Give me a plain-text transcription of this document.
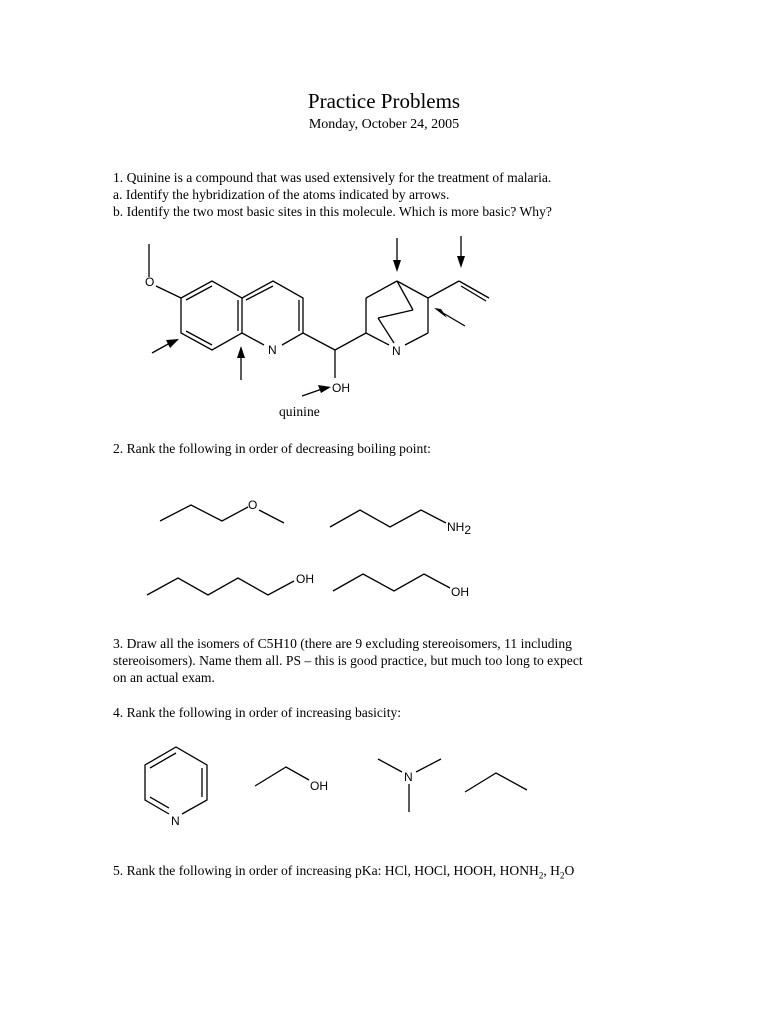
Practice Problems
Monday, October 24, 2005
1. Quinine is a compound that was used extensively for the treatment of malaria.
a. Identify the hybridization of the atoms indicated by arrows.
b. Identify the two most basic sites in this molecule. Which is more basic? Why?
O
N
OH
N
quinine
2. Rank the following in order of decreasing boiling point:
O
NH2
OH
OH
3. Draw all the isomers of C5H10 (there are 9 excluding stereoisomers, 11 including
stereoisomers). Name them all. PS – this is good practice, but much too long to expect
on an actual exam.
4. Rank the following in order of increasing basicity:
N
OH
N
5. Rank the following in order of increasing pKa: HCl, HOCl, HOOH, $HONH_2$, $H_2O$
